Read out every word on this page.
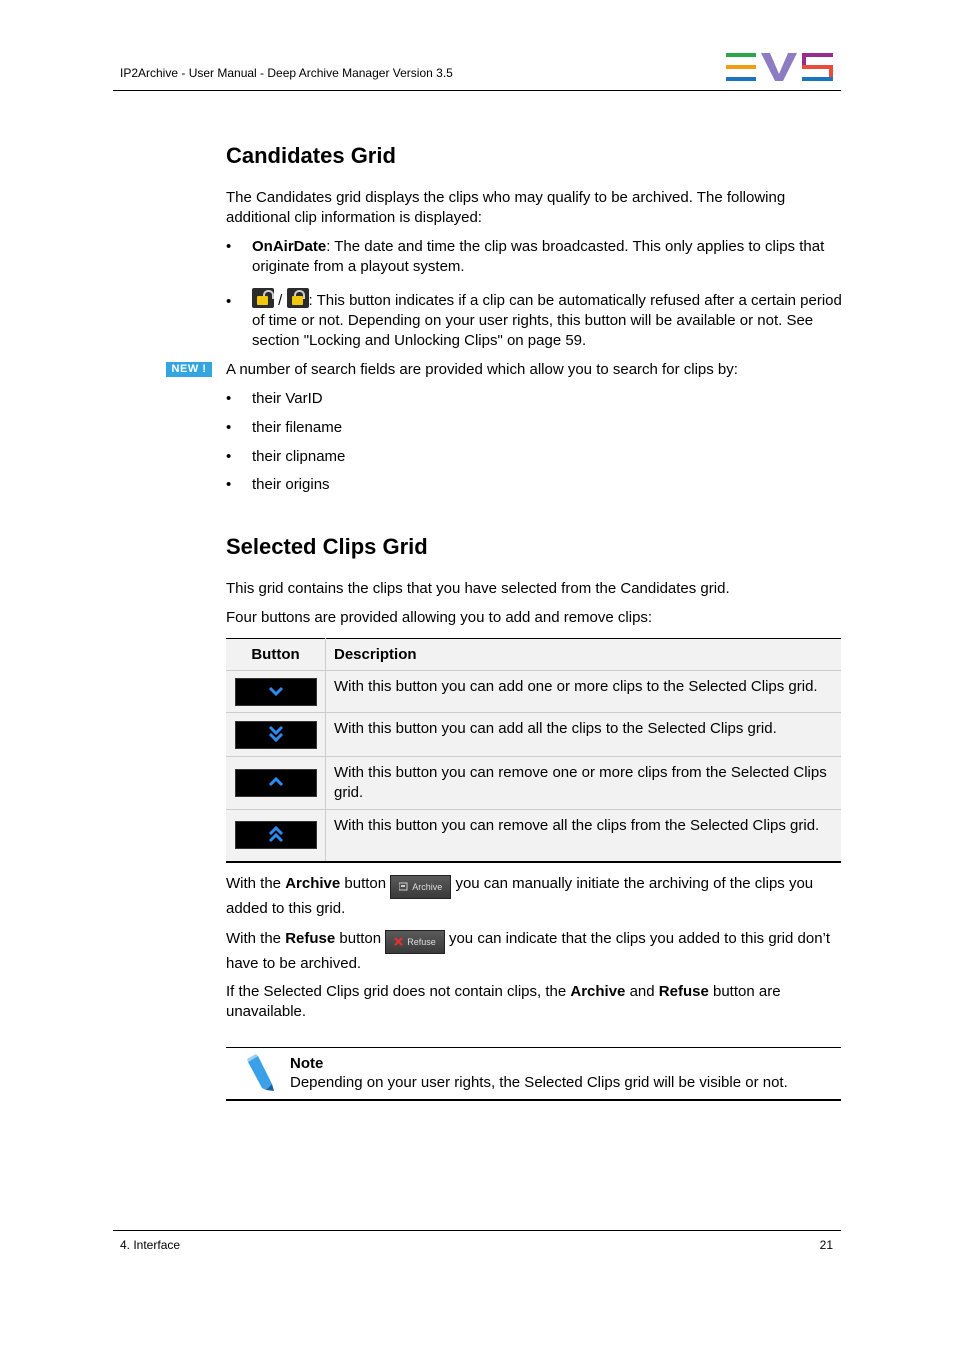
IP2Archive - User Manual - Deep Archive Manager Version 3.5
NEW !
Candidates Grid

The Candidates grid displays the clips who may qualify to be archived. The following additional clip information is displayed:

•	OnAirDate: The date and time the clip was broadcasted. This only applies to clips that originate from a playout system.
•	/ : This button indicates if a clip can be automatically refused after a certain period of time or not. Depending on your user rights, this button will be available or not. See section "Locking and Unlocking Clips" on page 59.

A number of search fields are provided which allow you to search for clips by:

•	their VarID
•	their filename
•	their clipname
•	their origins
Selected Clips Grid

This grid contains the clips that you have selected from the Candidates grid.

Four buttons are provided allowing you to add and remove clips:

Button	Description

	With this button you can add one or more clips to the Selected Clips grid.

	With this button you can add all the clips to the Selected Clips grid.

	With this button you can remove one or more clips from the Selected Clips grid.

	With this button you can remove all the clips from the Selected Clips grid.

With the Archive button	Archive you can manually initiate the archiving of the clips you added to this grid.

With the Refuse button	Refuse you can indicate that the clips you added to this grid don’t have to be archived.

If the Selected Clips grid does not contain clips, the Archive and Refuse button are unavailable.

Note
Depending on your user rights, the Selected Clips grid will be visible or not.
4. Interface	21
